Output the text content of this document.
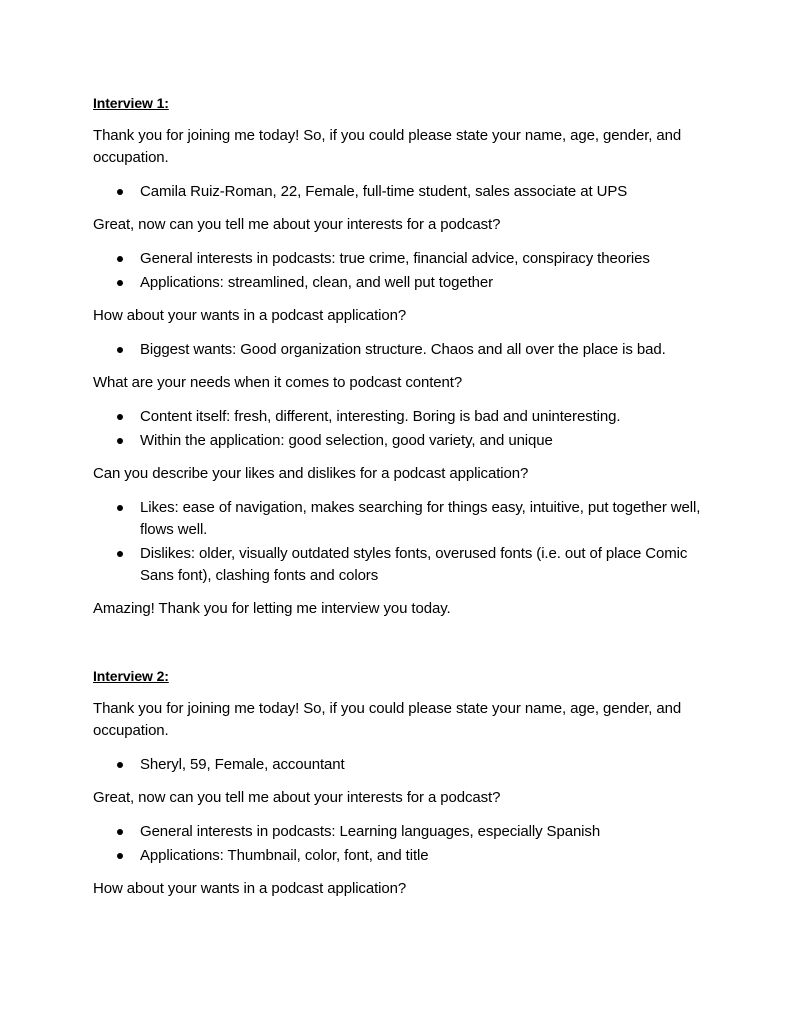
Interview 1:
Thank you for joining me today! So, if you could please state your name, age, gender, and occupation.
Camila Ruiz-Roman, 22, Female, full-time student, sales associate at UPS
Great, now can you tell me about your interests for a podcast?
General interests in podcasts: true crime, financial advice, conspiracy theories
Applications: streamlined, clean, and well put together
How about your wants in a podcast application?
Biggest wants: Good organization structure. Chaos and all over the place is bad.
What are your needs when it comes to podcast content?
Content itself: fresh, different, interesting. Boring is bad and uninteresting.
Within the application: good selection, good variety, and unique
Can you describe your likes and dislikes for a podcast application?
Likes: ease of navigation, makes searching for things easy, intuitive, put together well, flows well.
Dislikes: older, visually outdated styles fonts, overused fonts (i.e. out of place Comic Sans font), clashing fonts and colors
Amazing! Thank you for letting me interview you today.
Interview 2:
Thank you for joining me today! So, if you could please state your name, age, gender, and occupation.
Sheryl, 59, Female, accountant
Great, now can you tell me about your interests for a podcast?
General interests in podcasts: Learning languages, especially Spanish
Applications: Thumbnail, color, font, and title
How about your wants in a podcast application?
